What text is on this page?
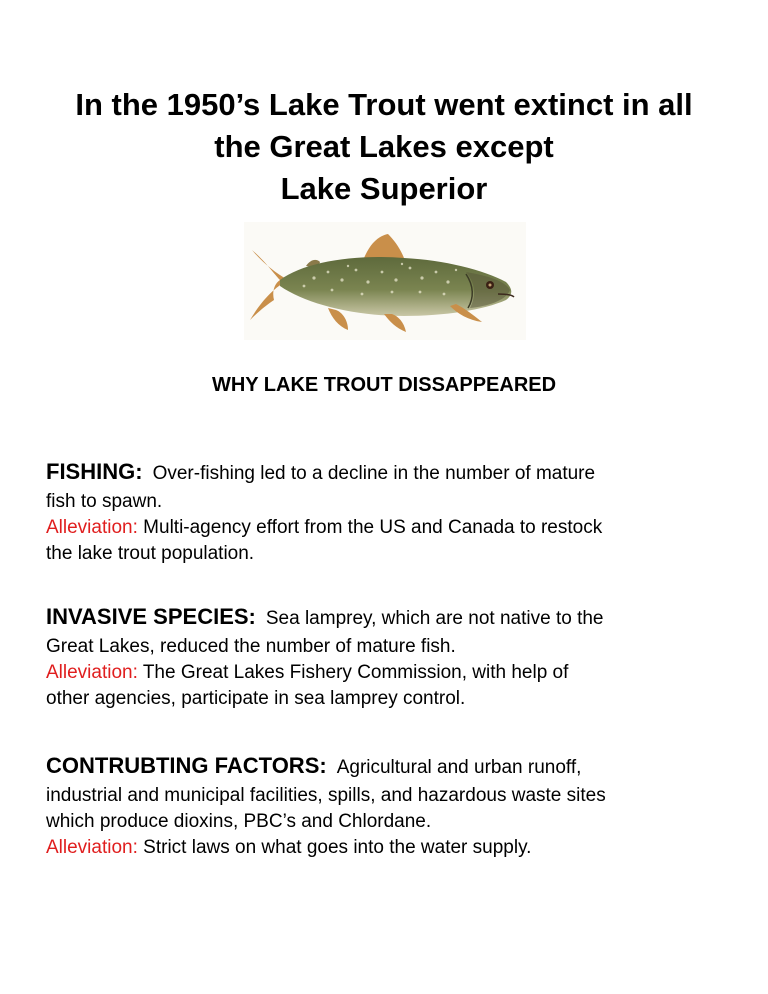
In the 1950’s Lake Trout went extinct in all
the Great Lakes except
Lake Superior
WHY LAKE TROUT DISSAPPEARED
FISHING: Over-fishing led to a decline in the number of mature
fish to spawn.
Alleviation: Multi-agency effort from the US and Canada to restock
the lake trout population.
INVASIVE SPECIES: Sea lamprey, which are not native to the
Great Lakes, reduced the number of mature fish.
Alleviation: The Great Lakes Fishery Commission, with help of
other agencies, participate in sea lamprey control.
CONTRUBTING FACTORS: Agricultural and urban runoff,
industrial and municipal facilities, spills, and hazardous waste sites
which produce dioxins, PBC’s and Chlordane.
Alleviation: Strict laws on what goes into the water supply.
